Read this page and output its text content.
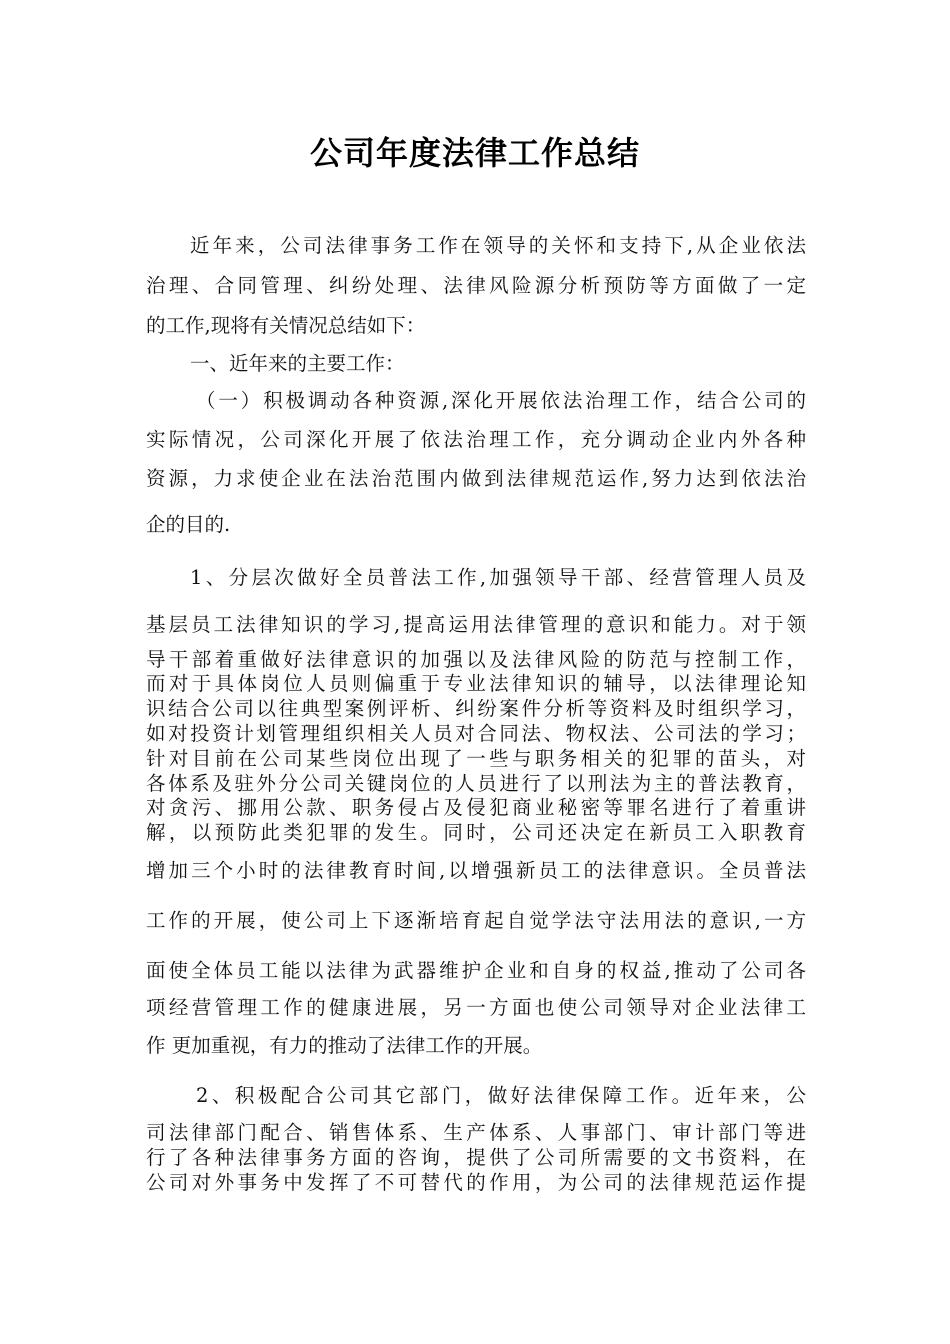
公司年度法律工作总结
近年来，公司法律事务工作在领导的关怀和支持下,从企业依法
治理、合同管理、纠纷处理、法律风险源分析预防等方面做了一定
的工作,现将有关情况总结如下：
一、近年来的主要工作：
（一）积极调动各种资源,深化开展依法治理工作，结合公司的
实际情况，公司深化开展了依法治理工作，充分调动企业内外各种
资源，力求使企业在法治范围内做到法律规范运作,努力达到依法治
企的目的.
1、分层次做好全员普法工作,加强领导干部、经营管理人员及
基层员工法律知识的学习,提高运用法律管理的意识和能力。对于领
导干部着重做好法律意识的加强以及法律风险的防范与控制工作，
而对于具体岗位人员则偏重于专业法律知识的辅导，以法律理论知
识结合公司以往典型案例评析、纠纷案件分析等资料及时组织学习，
如对投资计划管理组织相关人员对合同法、物权法、公司法的学习；
针对目前在公司某些岗位出现了一些与职务相关的犯罪的苗头，对
各体系及驻外分公司关键岗位的人员进行了以刑法为主的普法教育，
对贪污、挪用公款、职务侵占及侵犯商业秘密等罪名进行了着重讲
解，以预防此类犯罪的发生。同时，公司还决定在新员工入职教育
增加三个小时的法律教育时间,以增强新员工的法律意识。全员普法
工作的开展，使公司上下逐渐培育起自觉学法守法用法的意识,一方
面使全体员工能以法律为武器维护企业和自身的权益,推动了公司各
项经营管理工作的健康进展，另一方面也使公司领导对企业法律工
作 更加重视，有力的推动了法律工作的开展。
2、积极配合公司其它部门，做好法律保障工作。近年来，公
司法律部门配合、销售体系、生产体系、人事部门、审计部门等进
行了各种法律事务方面的咨询，提供了公司所需要的文书资料，在
公司对外事务中发挥了不可替代的作用，为公司的法律规范运作提
